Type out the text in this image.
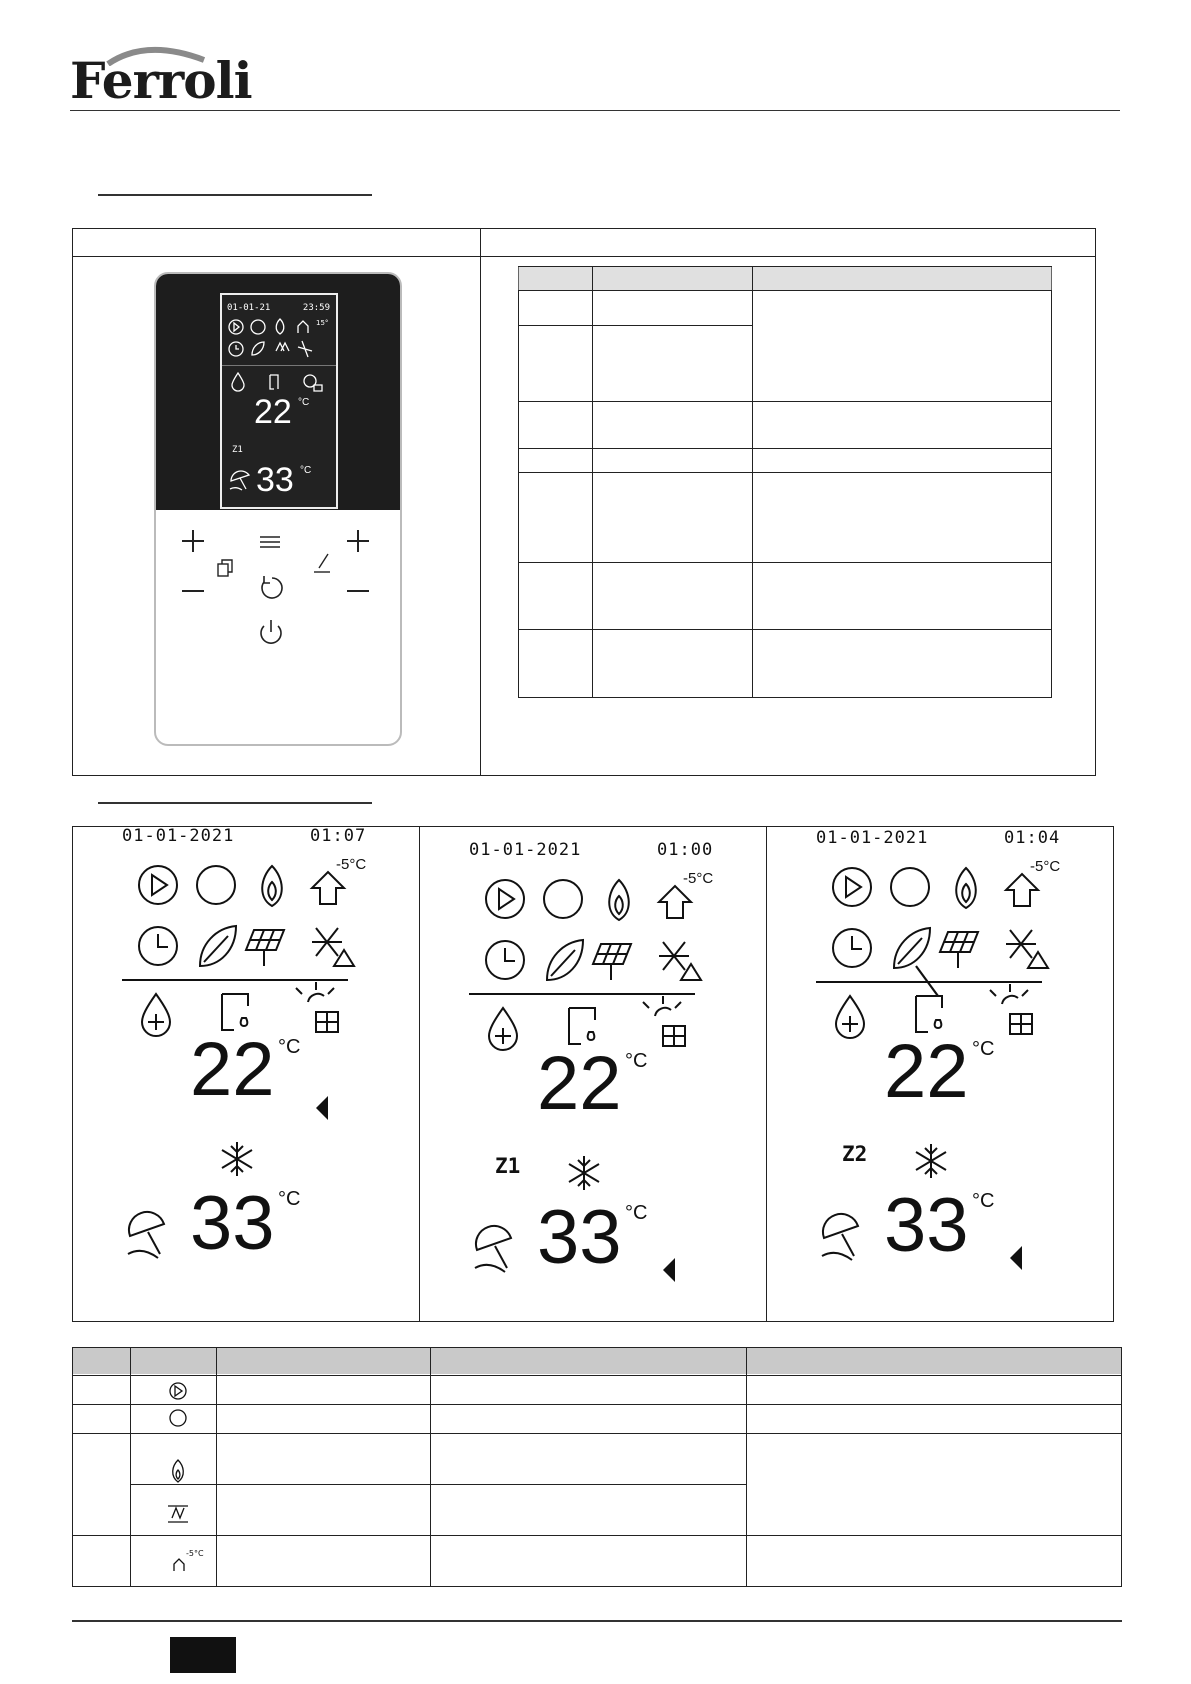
Ferroli
01-01-21	23:59
15°
22 °C
Z1
33 °C
01-01-2021	01:07
-5°C
22 °C
33 °C
01-01-2021	01:00
-5°C
22 °C
Z1
33 °C
01-01-2021	01:04
-5°C
22 °C
Z2
33 °C
-5°C
